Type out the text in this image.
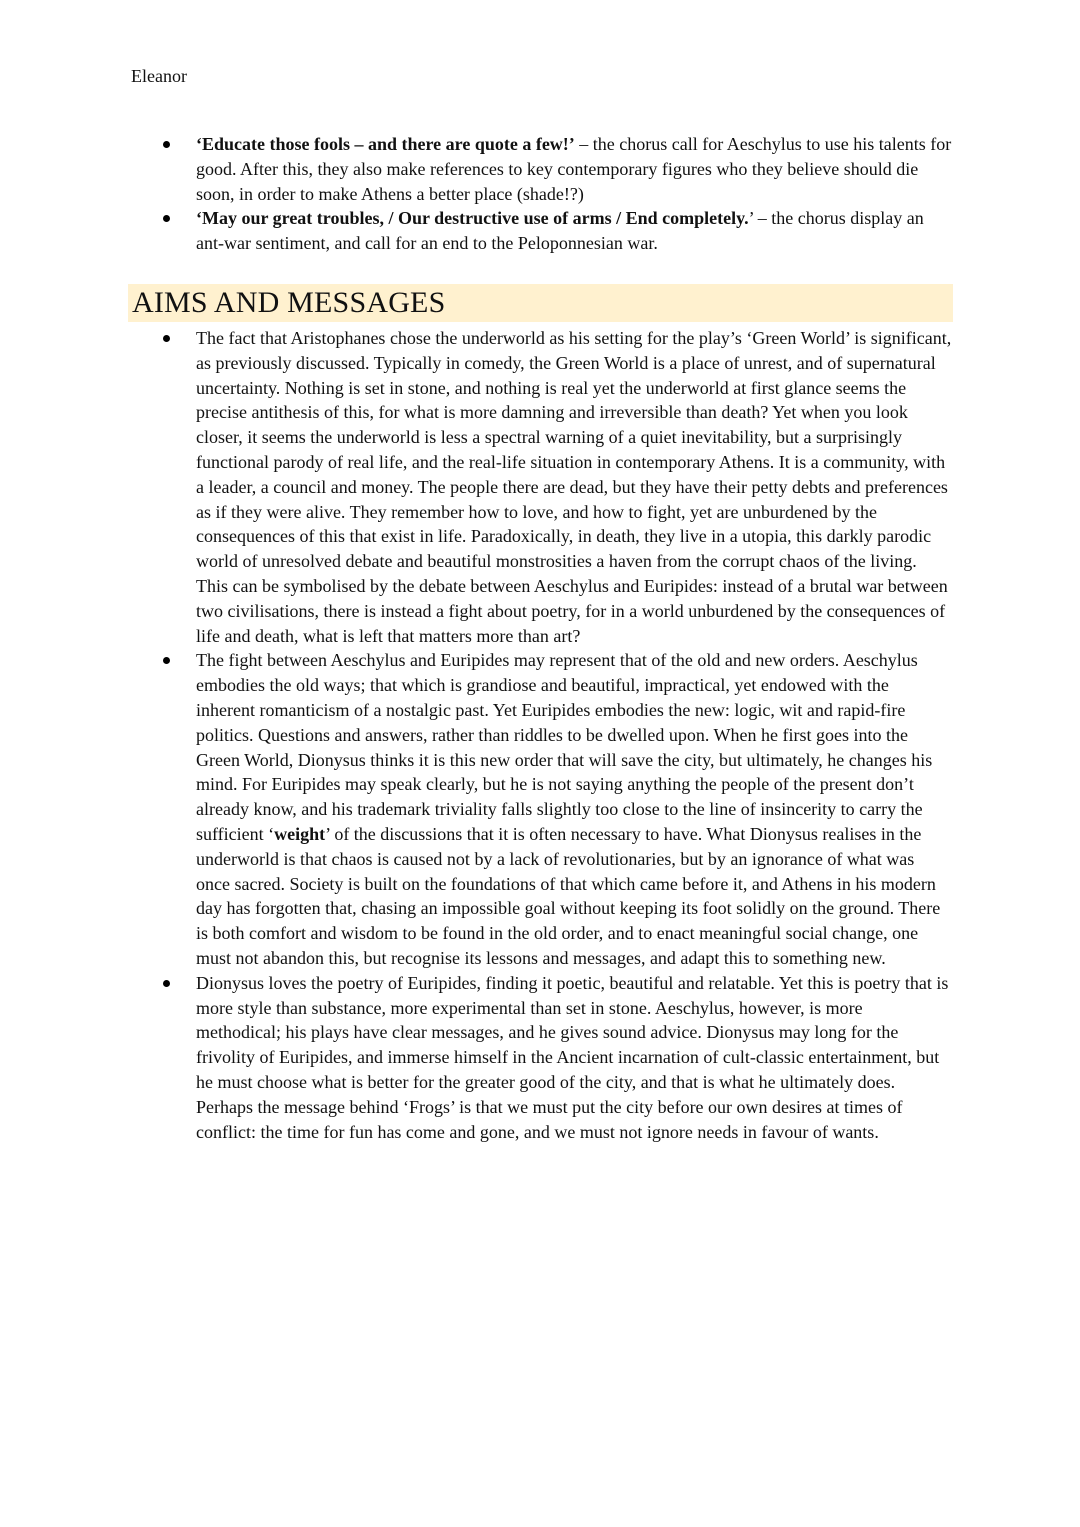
Eleanor
‘Educate those fools – and there are quote a few!’ – the chorus call for Aeschylus to use his talents for good. After this, they also make references to key contemporary figures who they believe should die soon, in order to make Athens a better place (shade!?)
‘May our great troubles, / Our destructive use of arms / End completely.’ – the chorus display an ant-war sentiment, and call for an end to the Peloponnesian war.
AIMS AND MESSAGES
The fact that Aristophanes chose the underworld as his setting for the play’s ‘Green World’ is significant, as previously discussed. Typically in comedy, the Green World is a place of unrest, and of supernatural uncertainty. Nothing is set in stone, and nothing is real yet the underworld at first glance seems the precise antithesis of this, for what is more damning and irreversible than death? Yet when you look closer, it seems the underworld is less a spectral warning of a quiet inevitability, but a surprisingly functional parody of real life, and the real-life situation in contemporary Athens. It is a community, with a leader, a council and money. The people there are dead, but they have their petty debts and preferences as if they were alive. They remember how to love, and how to fight, yet are unburdened by the consequences of this that exist in life. Paradoxically, in death, they live in a utopia, this darkly parodic world of unresolved debate and beautiful monstrosities a haven from the corrupt chaos of the living. This can be symbolised by the debate between Aeschylus and Euripides: instead of a brutal war between two civilisations, there is instead a fight about poetry, for in a world unburdened by the consequences of life and death, what is left that matters more than art?
The fight between Aeschylus and Euripides may represent that of the old and new orders. Aeschylus embodies the old ways; that which is grandiose and beautiful, impractical, yet endowed with the inherent romanticism of a nostalgic past. Yet Euripides embodies the new: logic, wit and rapid-fire politics. Questions and answers, rather than riddles to be dwelled upon. When he first goes into the Green World, Dionysus thinks it is this new order that will save the city, but ultimately, he changes his mind. For Euripides may speak clearly, but he is not saying anything the people of the present don’t already know, and his trademark triviality falls slightly too close to the line of insincerity to carry the sufficient ‘weight’ of the discussions that it is often necessary to have. What Dionysus realises in the underworld is that chaos is caused not by a lack of revolutionaries, but by an ignorance of what was once sacred. Society is built on the foundations of that which came before it, and Athens in his modern day has forgotten that, chasing an impossible goal without keeping its foot solidly on the ground. There is both comfort and wisdom to be found in the old order, and to enact meaningful social change, one must not abandon this, but recognise its lessons and messages, and adapt this to something new.
Dionysus loves the poetry of Euripides, finding it poetic, beautiful and relatable. Yet this is poetry that is more style than substance, more experimental than set in stone. Aeschylus, however, is more methodical; his plays have clear messages, and he gives sound advice. Dionysus may long for the frivolity of Euripides, and immerse himself in the Ancient incarnation of cult-classic entertainment, but he must choose what is better for the greater good of the city, and that is what he ultimately does. Perhaps the message behind ‘Frogs’ is that we must put the city before our own desires at times of conflict: the time for fun has come and gone, and we must not ignore needs in favour of wants.
